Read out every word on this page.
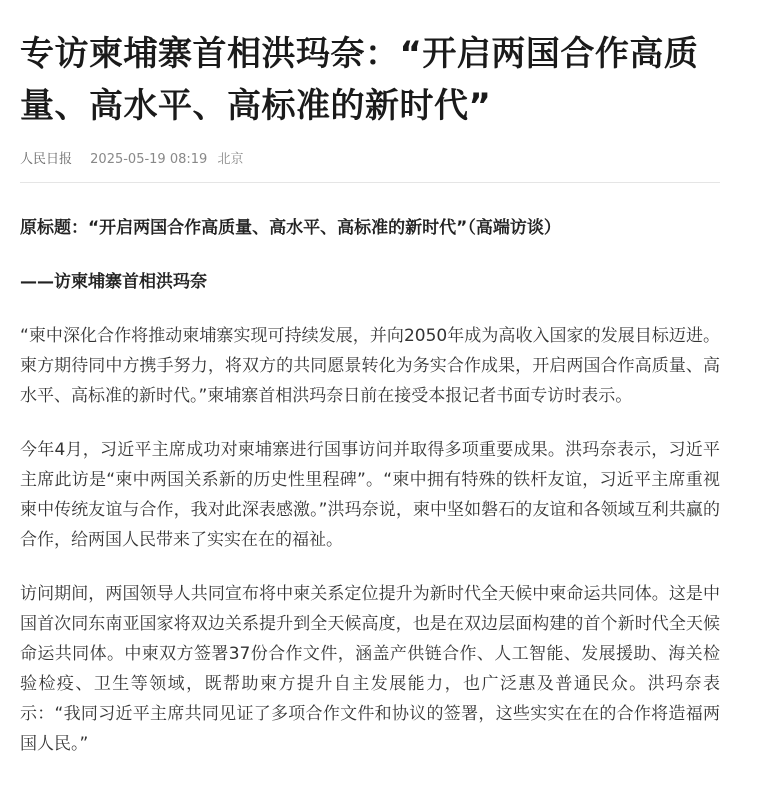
专访柬埔寨首相洪玛奈：“开启两国合作高质量、高水平、高标准的新时代”
人民日报 2025-05-19 08:19 北京
原标题：“开启两国合作高质量、高水平、高标准的新时代”（高端访谈）
——访柬埔寨首相洪玛奈

“柬中深化合作将推动柬埔寨实现可持续发展，并向2050年成为高收入国家的发展目标迈进。柬方期待同中方携手努力，将双方的共同愿景转化为务实合作成果，开启两国合作高质量、高水平、高标准的新时代。”柬埔寨首相洪玛奈日前在接受本报记者书面专访时表示。

今年4月，习近平主席成功对柬埔寨进行国事访问并取得多项重要成果。洪玛奈表示，习近平主席此访是“柬中两国关系新的历史性里程碑”。“柬中拥有特殊的铁杆友谊，习近平主席重视柬中传统友谊与合作，我对此深表感激。”洪玛奈说，柬中坚如磐石的友谊和各领域互利共赢的合作，给两国人民带来了实实在在的福祉。

访问期间，两国领导人共同宣布将中柬关系定位提升为新时代全天候中柬命运共同体。这是中国首次同东南亚国家将双边关系提升到全天候高度，也是在双边层面构建的首个新时代全天候命运共同体。中柬双方签署37份合作文件，涵盖产供链合作、人工智能、发展援助、海关检验检疫、卫生等领域，既帮助柬方提升自主发展能力，也广泛惠及普通民众。洪玛奈表示：“我同习近平主席共同见证了多项合作文件和协议的签署，这些实实在在的合作将造福两国人民。”
